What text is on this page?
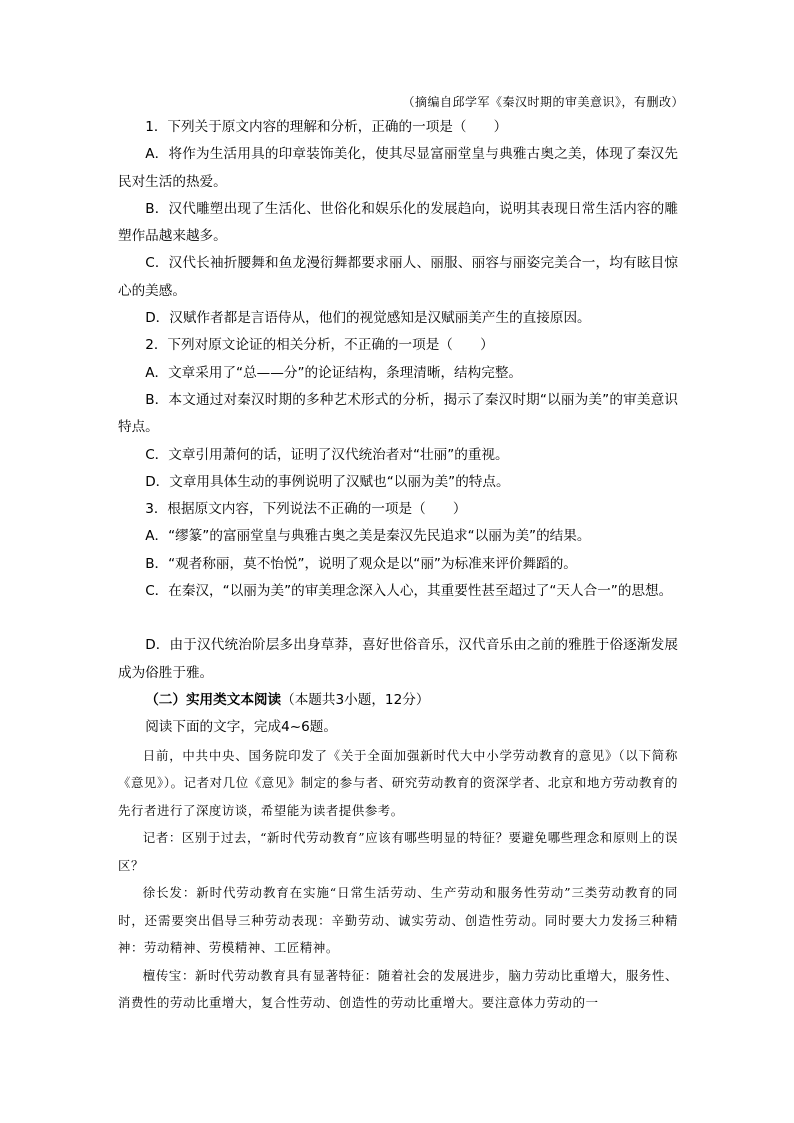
（摘编自邱学军《秦汉时期的审美意识》，有删改）

1．下列关于原文内容的理解和分析，正确的一项是（　　）

A．将作为生活用具的印章装饰美化，使其尽显富丽堂皇与典雅古奥之美，体现了秦汉先民对生活的热爱。

B．汉代雕塑出现了生活化、世俗化和娱乐化的发展趋向，说明其表现日常生活内容的雕塑作品越来越多。

C．汉代长袖折腰舞和鱼龙漫衍舞都要求丽人、丽服、丽容与丽姿完美合一，均有眩目惊心的美感。

D．汉赋作者都是言语侍从，他们的视觉感知是汉赋丽美产生的直接原因。

2．下列对原文论证的相关分析，不正确的一项是（　　）

A．文章采用了“总——分”的论证结构，条理清晰，结构完整。

B．本文通过对秦汉时期的多种艺术形式的分析，揭示了秦汉时期“以丽为美”的审美意识特点。

C．文章引用萧何的话，证明了汉代统治者对“壮丽”的重视。

D．文章用具体生动的事例说明了汉赋也“以丽为美”的特点。

3．根据原文内容，下列说法不正确的一项是（　　）

A．“缪篆”的富丽堂皇与典雅古奥之美是秦汉先民追求“以丽为美”的结果。

B．“观者称丽，莫不怡悦”，说明了观众是以“丽”为标准来评价舞蹈的。

C．在秦汉，“以丽为美”的审美理念深入人心，其重要性甚至超过了“天人合一”的思想。

D．由于汉代统治阶层多出身草莽，喜好世俗音乐，汉代音乐由之前的雅胜于俗逐渐发展成为俗胜于雅。

（二）实用类文本阅读（本题共3小题，12分）

阅读下面的文字，完成4~6题。

日前，中共中央、国务院印发了《关于全面加强新时代大中小学劳动教育的意见》（以下简称《意见》）。记者对几位《意见》制定的参与者、研究劳动教育的资深学者、北京和地方劳动教育的先行者进行了深度访谈，希望能为读者提供参考。

记者：区别于过去，“新时代劳动教育”应该有哪些明显的特征？要避免哪些理念和原则上的误区？

徐长发：新时代劳动教育在实施“日常生活劳动、生产劳动和服务性劳动”三类劳动教育的同时，还需要突出倡导三种劳动表现：辛勤劳动、诚实劳动、创造性劳动。同时要大力发扬三种精神：劳动精神、劳模精神、工匠精神。

檀传宝：新时代劳动教育具有显著特征：随着社会的发展进步，脑力劳动比重增大，服务性、消费性的劳动比重增大，复合性劳动、创造性的劳动比重增大。要注意体力劳动的一
